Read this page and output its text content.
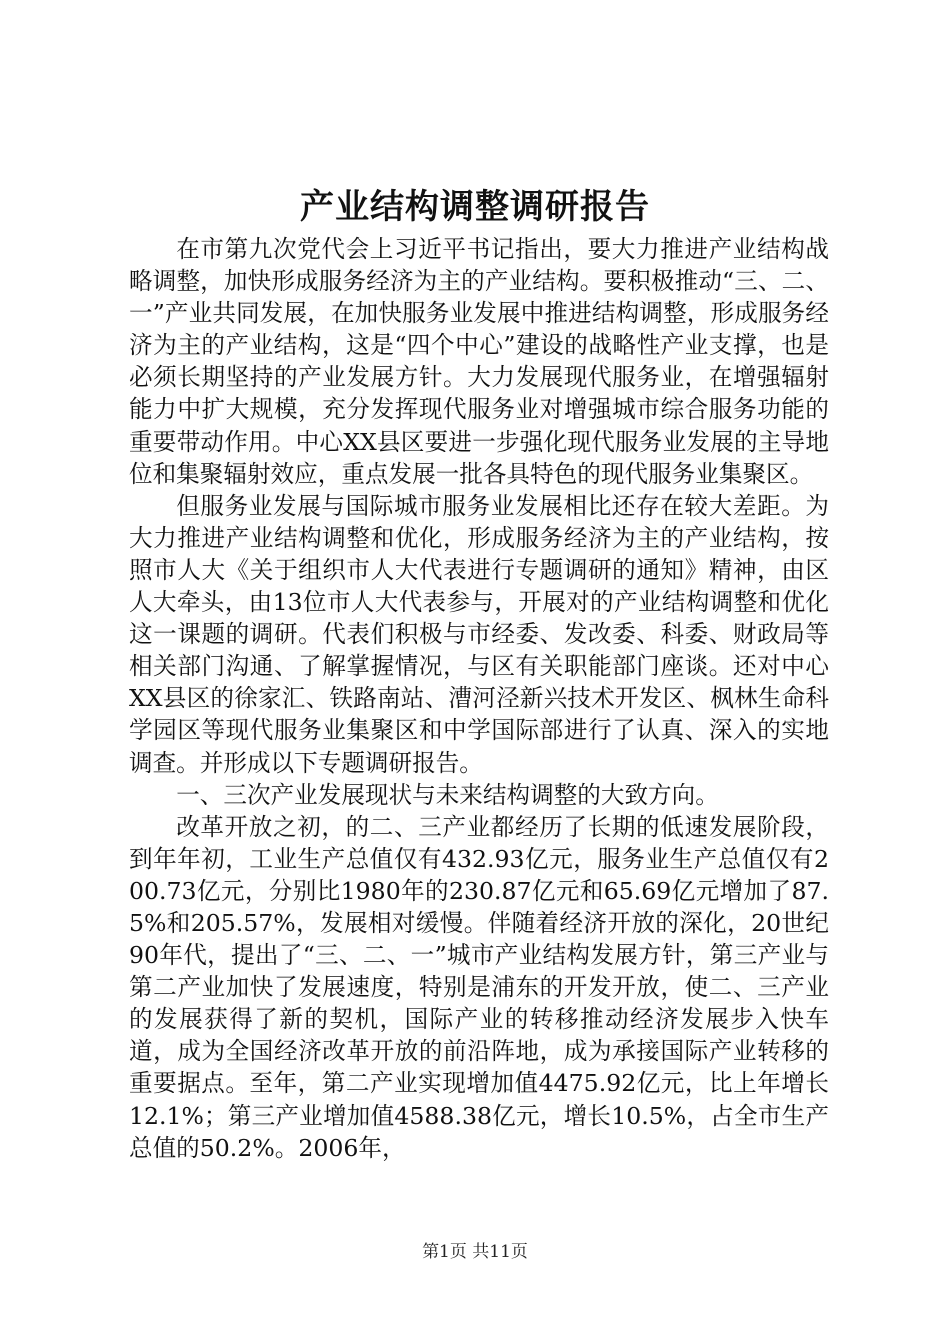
产业结构调整调研报告

在市第九次党代会上习近平书记指出，要大力推进产业结构战略调整，加快形成服务经济为主的产业结构。要积极推动“三、二、一”产业共同发展，在加快服务业发展中推进结构调整，形成服务经济为主的产业结构，这是“四个中心”建设的战略性产业支撑，也是必须长期坚持的产业发展方针。大力发展现代服务业，在增强辐射能力中扩大规模，充分发挥现代服务业对增强城市综合服务功能的重要带动作用。中心XX县区要进一步强化现代服务业发展的主导地位和集聚辐射效应，重点发展一批各具特色的现代服务业集聚区。

但服务业发展与国际城市服务业发展相比还存在较大差距。为大力推进产业结构调整和优化，形成服务经济为主的产业结构，按照市人大《关于组织市人大代表进行专题调研的通知》精神，由区人大牵头，由13位市人大代表参与，开展对的产业结构调整和优化这一课题的调研。代表们积极与市经委、发改委、科委、财政局等相关部门沟通、了解掌握情况，与区有关职能部门座谈。还对中心XX县区的徐家汇、铁路南站、漕河泾新兴技术开发区、枫林生命科学园区等现代服务业集聚区和中学国际部进行了认真、深入的实地调查。并形成以下专题调研报告。

一、三次产业发展现状与未来结构调整的大致方向。

改革开放之初，的二、三产业都经历了长期的低速发展阶段，到年年初，工业生产总值仅有432.93亿元，服务业生产总值仅有200.73亿元，分别比1980年的230.87亿元和65.69亿元增加了87.5%和205.57%，发展相对缓慢。伴随着经济开放的深化，20世纪90年代，提出了“三、二、一”城市产业结构发展方针，第三产业与第二产业加快了发展速度，特别是浦东的开发开放，使二、三产业的发展获得了新的契机，国际产业的转移推动经济发展步入快车道，成为全国经济改革开放的前沿阵地，成为承接国际产业转移的重要据点。至年，第二产业实现增加值4475.92亿元，比上年增长12.1%；第三产业增加值4588.38亿元，增长10.5%，占全市生产总值的50.2%。2006年，

第1页 共11页
